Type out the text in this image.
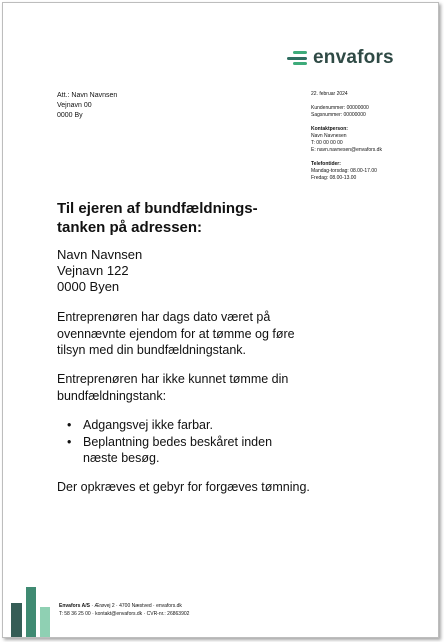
envafors
Att.: Navn Navnsen
Vejnavn 00
0000 By
22. februar 2024
Kundenummer: 00000000
Sagsnummer: 00000000
Kontaktperson:
Navn Navnesen
T: 00 00 00 00
E: navn.navnesen@envafors.dk
Telefontider:
Mandag-torsdag: 08.00-17.00
Fredag: 08.00-13.00
Til ejeren af bundfældnings-
tanken på adressen:
Navn Navnsen
Vejnavn 122
0000 Byen
Entreprenøren har dags dato været på ovennævnte ejendom for at tømme og føre tilsyn med din bundfældningstank.
Entreprenøren har ikke kunnet tømme din bundfældningstank:
• Adgangsvej ikke farbar.
• Beplantning bedes beskåret inden næste besøg.
Der opkræves et gebyr for forgæves tømning.
Envafors A/S · Ærøvej 2 · 4700 Næstved · envafors.dk
T: 58 36 25 00 · kontakt@envafors.dk · CVR-nr.: 26863902
